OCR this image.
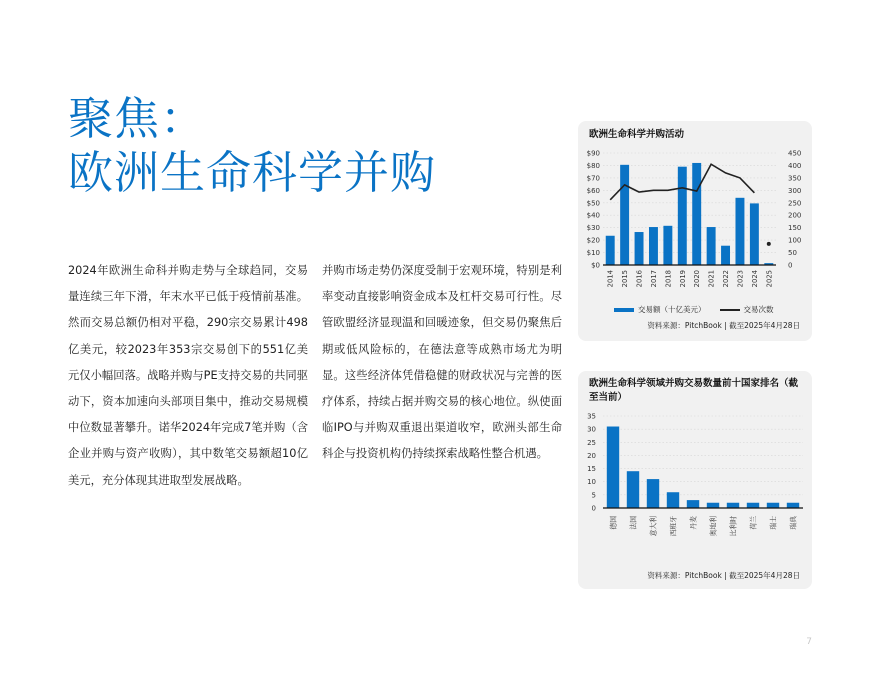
聚焦：
欧洲生命科学并购

2024年欧洲生命科并购走势与全球趋同，交易量连续三年下滑，年末水平已低于疫情前基准。然而交易总额仍相对平稳，290宗交易累计498亿美元，较2023年353宗交易创下的551亿美元仅小幅回落。战略并购与PE支持交易的共同驱动下，资本加速向头部项目集中，推动交易规模中位数显著攀升。诺华2024年完成7笔并购（含企业并购与资产收购），其中数笔交易额超10亿美元，充分体现其进取型发展战略。

并购市场走势仍深度受制于宏观环境，特别是利率变动直接影响资金成本及杠杆交易可行性。尽管欧盟经济显现温和回暖迹象，但交易仍聚焦后期或低风险标的，在德法意等成熟市场尤为明显。这些经济体凭借稳健的财政状况与完善的医疗体系，持续占据并购交易的核心地位。纵使面临IPO与并购双重退出渠道收窄，欧洲头部生命科企与投资机构仍持续探索战略性整合机遇。

欧洲生命科学并购活动
$0
$10
$20
$30
$40
$50
$60
$70
$80
$90
0
50
100
150
200
250
300
350
400
450
2014 2015 2016 2017 2018 2019 2020 2021 2022 2023 2024 2025
交易额（十亿美元）	交易次数
资料来源：PitchBook | 截至2025年4月28日
欧洲生命科学领域并购交易数量前十国家排名（截至当前）
0
5
10
15
20
25
30
35
德国 法国 意大利 西班牙 丹麦 奥地利 比利时 荷兰 瑞士 瑞典
资料来源：PitchBook | 截至2025年4月28日
7
